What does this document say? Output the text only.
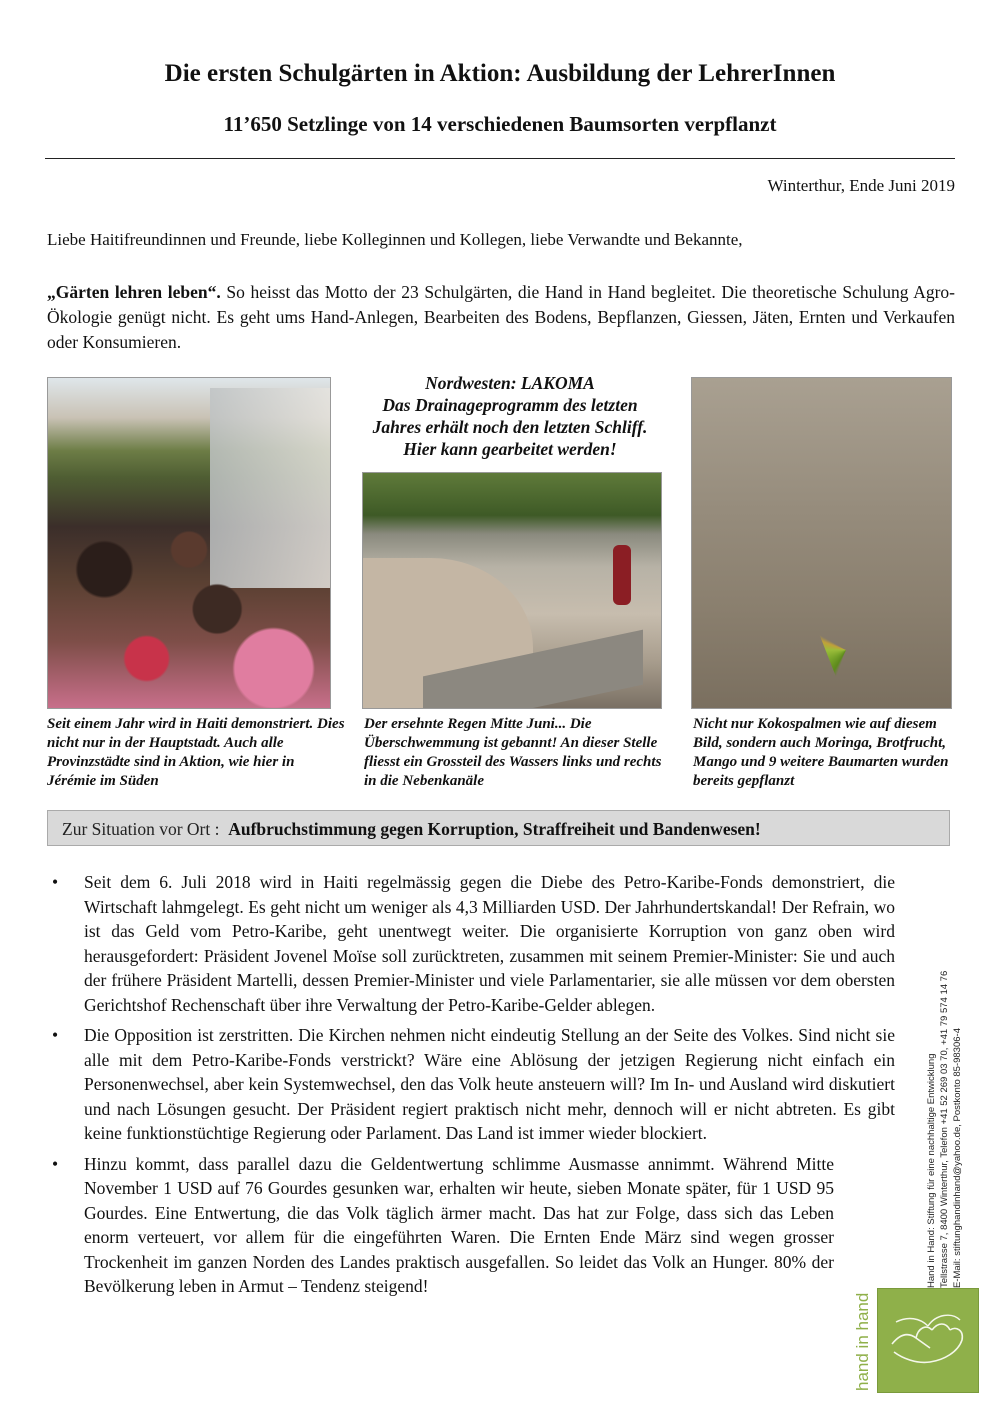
Die ersten Schulgärten in Aktion: Ausbildung der LehrerInnen
11’650 Setzlinge von 14 verschiedenen Baumsorten verpflanzt
Winterthur, Ende Juni 2019
Liebe Haitifreundinnen und Freunde, liebe Kolleginnen und Kollegen, liebe Verwandte und Bekannte,
„Gärten lehren leben“. So heisst das Motto der 23 Schulgärten, die Hand in Hand begleitet. Die theoretische Schulung Agro-Ökologie genügt nicht. Es geht ums Hand-Anlegen, Bearbeiten des Bodens, Bepflanzen, Giessen, Jäten, Ernten und Verkaufen oder Konsumieren.
Nordwesten: LAKOMA
Das Drainageprogramm des letzten
Jahres erhält noch den letzten Schliff.
Hier kann gearbeitet werden!
Seit einem Jahr wird in Haiti demonstriert. Dies nicht nur in der Hauptstadt. Auch alle Provinzstädte sind in Aktion, wie hier in Jérémie im Süden
Der ersehnte Regen Mitte Juni... Die Überschwemmung ist gebannt! An dieser Stelle fliesst ein Grossteil des Wassers links und rechts in die Nebenkanäle
Nicht nur Kokospalmen wie auf diesem Bild, sondern auch Moringa, Brotfrucht, Mango und 9 weitere Baumarten wurden bereits gepflanzt
Zur Situation vor Ort : Aufbruchstimmung gegen Korruption, Straffreiheit und Bandenwesen!
• Seit dem 6. Juli 2018 wird in Haiti regelmässig gegen die Diebe des Petro-Karibe-Fonds demonstriert, die Wirtschaft lahmgelegt. Es geht nicht um weniger als 4,3 Milliarden USD. Der Jahrhundertskandal! Der Refrain, wo ist das Geld vom Petro-Karibe, geht unentwegt weiter. Die organisierte Korruption von ganz oben wird herausgefordert: Präsident Jovenel Moïse soll zurücktreten, zusammen mit seinem Premier-Minister: Sie und auch der frühere Präsident Martelli, dessen Premier-Minister und viele Parlamentarier, sie alle müssen vor dem obersten Gerichtshof Rechenschaft über ihre Verwaltung der Petro-Karibe-Gelder ablegen.
• Die Opposition ist zerstritten. Die Kirchen nehmen nicht eindeutig Stellung an der Seite des Volkes. Sind nicht sie alle mit dem Petro-Karibe-Fonds verstrickt? Wäre eine Ablösung der jetzigen Regierung nicht einfach ein Personenwechsel, aber kein Systemwechsel, den das Volk heute ansteuern will? Im In- und Ausland wird diskutiert und nach Lösungen gesucht. Der Präsident regiert praktisch nicht mehr, dennoch will er nicht abtreten. Es gibt keine funktionstüchtige Regierung oder Parlament. Das Land ist immer wieder blockiert.
• Hinzu kommt, dass parallel dazu die Geldentwertung schlimme Ausmasse annimmt. Während Mitte November 1 USD auf 76 Gourdes gesunken war, erhalten wir heute, sieben Monate später, für 1 USD 95 Gourdes. Eine Entwertung, die das Volk täglich ärmer macht. Das hat zur Folge, dass sich das Leben enorm verteuert, vor allem für die eingeführten Waren. Die Ernten Ende März sind wegen grosser Trockenheit im ganzen Norden des Landes praktisch ausgefallen. So leidet das Volk an Hunger. 80% der Bevölkerung leben in Armut – Tendenz steigend!	Hand in Hand: Stiftung für eine nachhaltige Entwicklung Tellstrasse 7, 8400 Winterthur, Telefon +41 52 269 03 70, +41 79 574 14 76 E-Mail: stiftunghandinhand@yahoo.de, Postkonto 85-98306-4
hand in hand
